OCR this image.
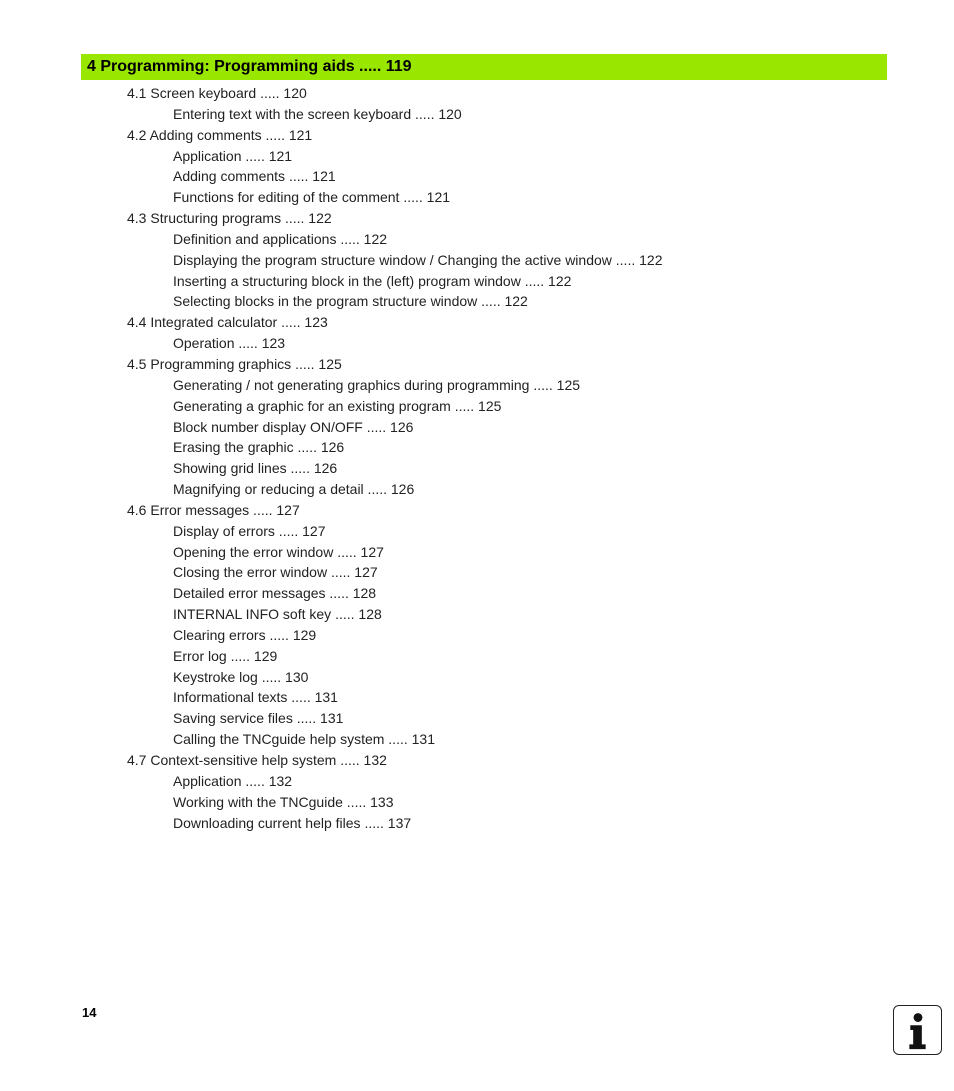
4 Programming: Programming aids ..... 119
4.1 Screen keyboard ..... 120
Entering text with the screen keyboard ..... 120
4.2 Adding comments ..... 121
Application ..... 121
Adding comments ..... 121
Functions for editing of the comment ..... 121
4.3 Structuring programs ..... 122
Definition and applications ..... 122
Displaying the program structure window / Changing the active window ..... 122
Inserting a structuring block in the (left) program window ..... 122
Selecting blocks in the program structure window ..... 122
4.4 Integrated calculator ..... 123
Operation ..... 123
4.5 Programming graphics ..... 125
Generating / not generating graphics during programming ..... 125
Generating a graphic for an existing program ..... 125
Block number display ON/OFF ..... 126
Erasing the graphic ..... 126
Showing grid lines ..... 126
Magnifying or reducing a detail ..... 126
4.6 Error messages ..... 127
Display of errors ..... 127
Opening the error window ..... 127
Closing the error window ..... 127
Detailed error messages ..... 128
INTERNAL INFO soft key ..... 128
Clearing errors ..... 129
Error log ..... 129
Keystroke log ..... 130
Informational texts ..... 131
Saving service files ..... 131
Calling the TNCguide help system ..... 131
4.7 Context-sensitive help system ..... 132
Application ..... 132
Working with the TNCguide ..... 133
Downloading current help files ..... 137
14
